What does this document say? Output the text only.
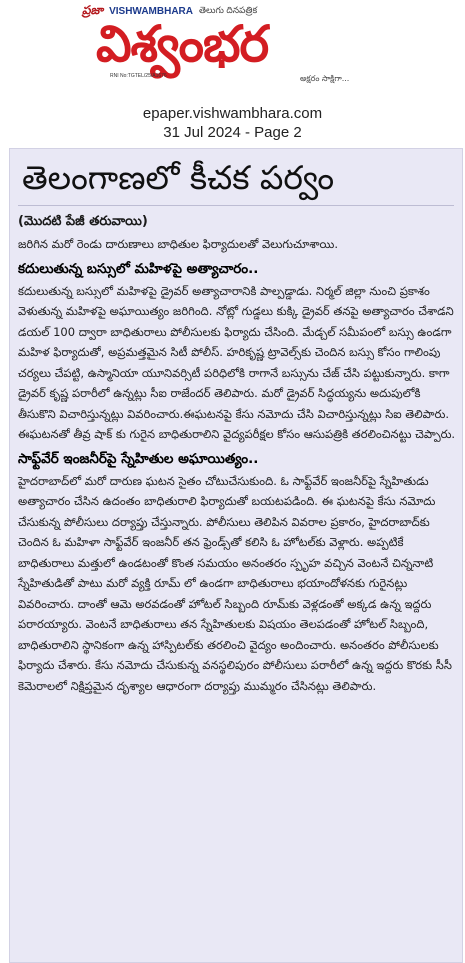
ప్రజా VISHWAMBHARA తెలుగు దినపత్రిక
విశ్వంభర
RNI No:TGTEL/25/A1676	అక్షరం సాక్షిగా...
epaper.vishwambhara.com
31 Jul 2024 - Page 2
తెలంగాణలో కీచక పర్వం
(మొదటి పేజీ తరువాయి)

జరిగిన మరో రెండు దారుణాలు బాధితుల ఫిర్యాదులతో వెలుగుచూశాయి.

కదులుతున్న బస్సులో మహిళపై అత్యాచారం..

కదులుతున్న బస్సులో మహిళపై డ్రైవర్ అత్యాచారానికి పాల్పడ్డాడు. నిర్మల్ జిల్లా నుంచి ప్రకాశం వెళుతున్న మహిళపై అఘాయిత్యం జరిగింది. నోట్లో గుడ్డలు కుక్కి డ్రైవర్ తనపై అత్యాచారం చేశాడని డయల్ 100 ద్వారా బాధితురాలు పోలీసులకు ఫిర్యాదు చేసింది. మేడ్చల్ సమీపంలో బస్సు ఉండగా మహిళ ఫిర్యాదుతో, అప్రమత్తమైన సిటీ పోలీస్. హరికృష్ణ ట్రావెల్స్‌కు చెందిన బస్సు కోసం గాలింపు చర్యలు చేపట్టి, ఉస్మానియా యూనివర్సిటీ పరిధిలోకి రాగానే బస్సును చేజ్ చేసి పట్టుకున్నారు. కాగా డ్రైవర్ కృష్ణ పరారీలో ఉన్నట్లు సీఐ రాజేందర్ తెలిపారు. మరో డ్రైవర్ సిద్ధయ్యను అదుపులోకి తీసుకొని విచారిస్తున్నట్లు వివరించారు.ఈఘటనపై కేసు నమోదు చేసి విచారిస్తున్నట్లు సిఐ తెలిపారు. ఈఘటనతో తీవ్ర షాక్ కు గురైన బాధితురాలిని వైద్యపరీక్షల కోసం ఆసుపత్రికి తరలించినట్టు చెప్పారు.

సాఫ్ట్‌వేర్ ఇంజనీర్‌పై స్నేహితుల అఘాయిత్యం..

హైదరాబాద్‌లో మరో దారుణ ఘటన సైతం చోటుచేసుకుంది. ఓ సాఫ్ట్‌వేర్ ఇంజనీర్‌పై స్నేహితుడు అత్యాచారం చేసిన ఉదంతం బాధితురాలి ఫిర్యాదుతో బయటపడింది. ఈ ఘటనపై కేసు నమోదు చేసుకున్న పోలీసులు దర్యాప్తు చేస్తున్నారు. పోలీసులు తెలిపిన వివరాల ప్రకారం, హైదరాబాద్‌కు చెందిన ఓ మహిళా సాఫ్ట్‌వేర్ ఇంజనీర్ తన ఫ్రెండ్స్‌తో కలిసి ఓ హోటల్‌కు వెళ్లారు. అప్పటికే బాధితురాలు మత్తులో ఉండటంతో కొంత సమయం అనంతరం స్పృహ వచ్చిన వెంటనే చిన్ననాటి స్నేహితుడితో పాటు మరో వ్యక్తి రూమ్ లో ఉండగా బాధితురాలు భయాందోళనకు గురైనట్లు వివరించారు. దాంతో ఆమె అరవడంతో హోటల్ సిబ్బంది రూమ్‌కు వెళ్లడంతో అక్కడ ఉన్న ఇద్దరు పరారయ్యారు. వెంటనే బాధితురాలు తన స్నేహితులకు విషయం తెలపడంతో హోటల్ సిబ్బంది, బాధితురాలిని స్థానికంగా ఉన్న హాస్పిటల్‌కు తరలించి వైద్యం అందించారు. అనంతరం పోలీసులకు ఫిర్యాదు చేశారు. కేసు నమోదు చేసుకున్న వనస్థలిపురం పోలీసులు పరారీలో ఉన్న ఇద్దరు కొరకు సీసీ కెమెరాలలో నిక్షిప్తమైన దృశ్యాల ఆధారంగా దర్యాప్తు ముమ్మరం చేసినట్లు తెలిపారు.
